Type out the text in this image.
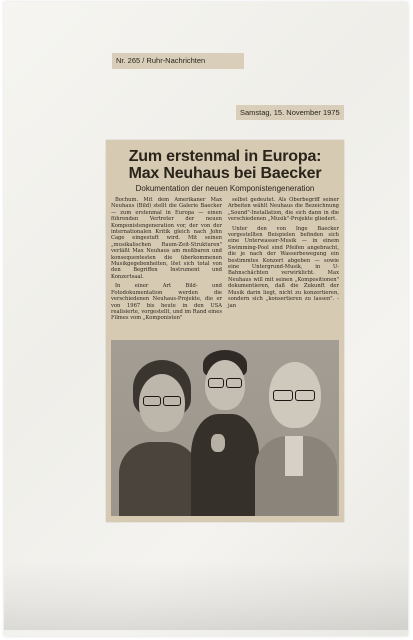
Nr. 265 / Ruhr-Nachrichten
Samstag, 15. November 1975
Zum erstenmal in Europa:
Max Neuhaus bei Baecker
Dokumentation der neuen Komponistengeneration

Bochum. Mit dem Amerikaner Max Neuhaus (Bild) stellt die Galerie Baecker — zum erstenmal in Europa — einen führenden Vertreter der neuen Komponistengeneration vor, der von der internationalen Kritik gleich nach John Cage eingestuft wird. Mit seinen „musikalischen Raum-Zeit-Strukturen" verläßt Max Neuhaus am meßbaren und konsequentesten die überkommenen Musikgegebenheiten, löst sich total von den Begriffen Instrument und Konzertsaal.

In einer Art Bild- und Fotodokumentation werden die verschiedenen Neuhaus-Projekte, die er von 1967 bis heute in den USA realisierte, vorgestellt, und im Rand eines Filmes vom „Komponisten"

selbst gedeutet. Als Oberbegriff seiner Arbeiten wählt Neuhaus die Bezeichnung „Sound"-Installation, die sich dann in die verschiedenen „Musik"-Projekte gliedert.

Unter den von Inge Baecker vorgestellten Beispielen befinden sich eine Unterwasser-Musik — in einem Swimming-Pool sind Pfeifen angebracht, die je nach der Wasserbewegung ein bestimmtes Konzert abgeben — sowie eine Untergrund-Musik, in U-Bahnschächten verwirklicht. Max Neuhaus will mit seinen „Kompositionen" dokumentieren, daß die Zukunft der Musik darin liegt, nicht zu konzertieren, sondern sich „konsertieren zu lassen". -jan
